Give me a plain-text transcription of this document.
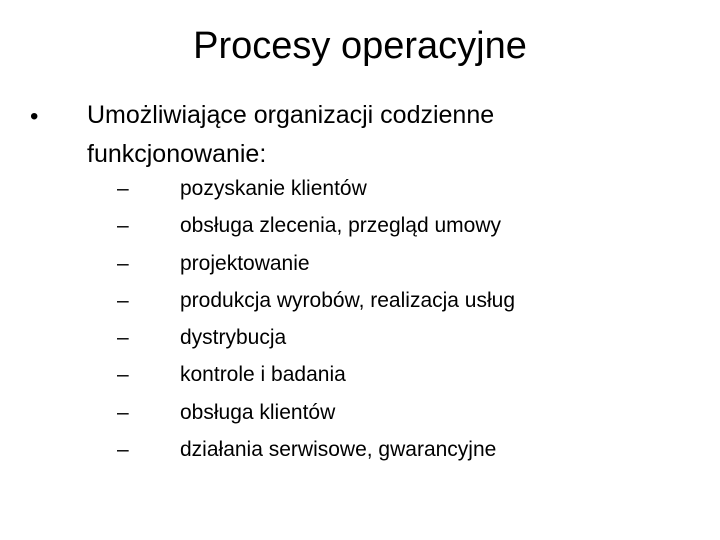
Procesy operacyjne
• Umożliwiające organizacji codzienne funkcjonowanie:
– pozyskanie klientów
– obsługa zlecenia, przegląd umowy
– projektowanie
– produkcja wyrobów, realizacja usług
– dystrybucja
– kontrole i badania
– obsługa klientów
– działania serwisowe, gwarancyjne
